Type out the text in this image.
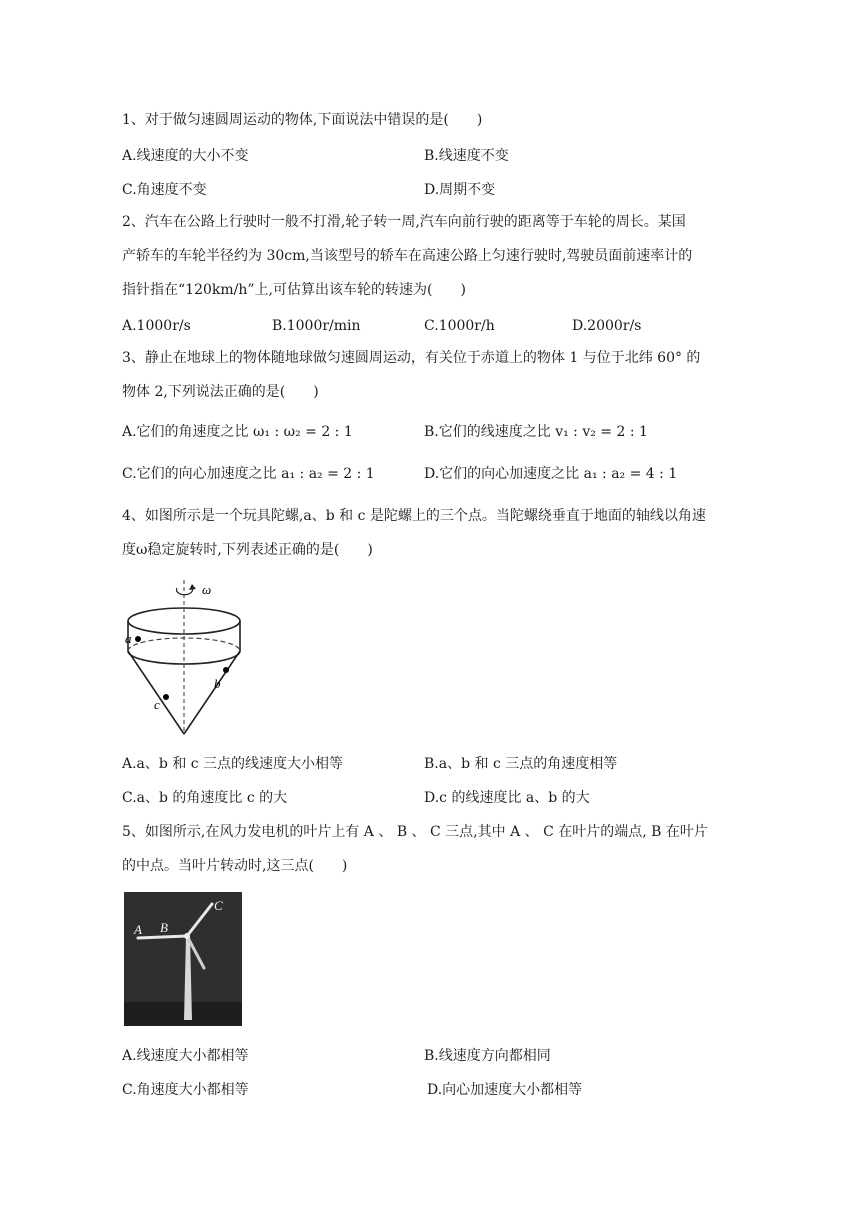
1、对于做匀速圆周运动的物体,下面说法中错误的是(　　)
A.线速度的大小不变	B.线速度不变
C.角速度不变	D.周期不变
2、汽车在公路上行驶时一般不打滑,轮子转一周,汽车向前行驶的距离等于车轮的周长。某国
产轿车的车轮半径约为 30cm,当该型号的轿车在高速公路上匀速行驶时,驾驶员面前速率计的
指针指在“120km/h”上,可估算出该车轮的转速为(　　)
A.1000r/s	B.1000r/min	C.1000r/h	D.2000r/s
3、静止在地球上的物体随地球做匀速圆周运动，有关位于赤道上的物体 1 与位于北纬 60° 的
物体 2,下列说法正确的是(　　)
A.它们的角速度之比 ω₁ : ω₂ = 2 : 1	B.它们的线速度之比 v₁ : v₂ = 2 : 1
C.它们的向心加速度之比 a₁ : a₂ = 2 : 1	D.它们的向心加速度之比 a₁ : a₂ = 4 : 1
4、如图所示是一个玩具陀螺,a、b 和 c 是陀螺上的三个点。当陀螺绕垂直于地面的轴线以角速
度ω稳定旋转时,下列表述正确的是(　　)
ω
a
b
c
A.a、b 和 c 三点的线速度大小相等	B.a、b 和 c 三点的角速度相等
C.a、b 的角速度比 c 的大	D.c 的线速度比 a、b 的大
5、如图所示,在风力发电机的叶片上有 A 、 B 、 C 三点,其中 A 、 C 在叶片的端点, B 在叶片
的中点。当叶片转动时,这三点(　　)
A B
C
A.线速度大小都相等	B.线速度方向都相同
C.角速度大小都相等	D.向心加速度大小都相等
